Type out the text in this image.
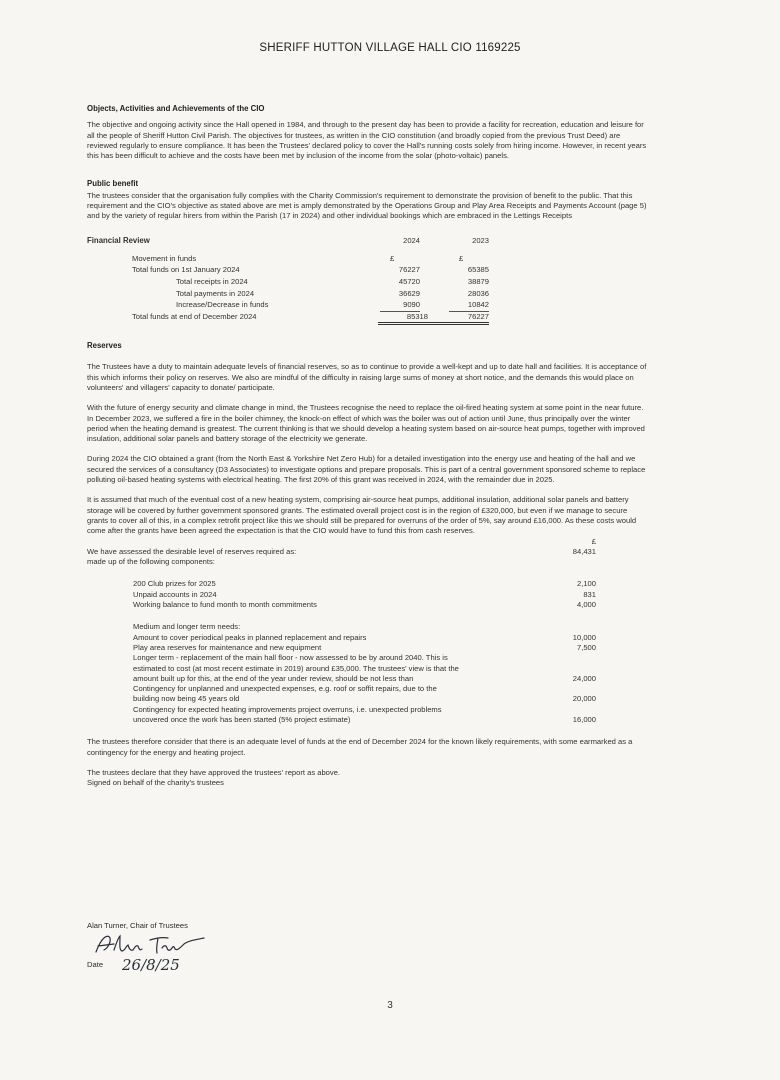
SHERIFF HUTTON VILLAGE HALL CIO 1169225
Objects, Activities and Achievements of the CIO

The objective and ongoing activity since the Hall opened in 1984, and through to the present day has been to provide a facility for recreation, education and leisure for all the people of Sheriff Hutton Civil Parish. The objectives for trustees, as written in the CIO constitution (and broadly copied from the previous Trust Deed) are reviewed regularly to ensure compliance. It has been the Trustees' declared policy to cover the Hall's running costs solely from hiring income. However, in recent years this has been difficult to achieve and the costs have been met by inclusion of the income from the solar (photo-voltaic) panels.

Public benefit

The trustees consider that the organisation fully complies with the Charity Commission's requirement to demonstrate the provision of benefit to the public. That this requirement and the CIO's objective as stated above are met is amply demonstrated by the Operations Group and Play Area Receipts and Payments Account (page 5) and by the variety of regular hirers from within the Parish (17 in 2024) and other individual bookings which are embraced in the Lettings Receipts

Financial Review	2024	2023
Movement in funds	£	£
Total funds on 1st January 2024	76227	65385
Total receipts in 2024	45720	38879
Total payments in 2024	36629	28036
Increase/Decrease in funds	9090	10842
Total funds at end of December 2024	85318	76227
Reserves

The Trustees have a duty to maintain adequate levels of financial reserves, so as to continue to provide a well-kept and up to date hall and facilities. It is acceptance of this which informs their policy on reserves. We also are mindful of the difficulty in raising large sums of money at short notice, and the demands this would place on volunteers' and villagers' capacity to donate/ participate.

With the future of energy security and climate change in mind, the Trustees recognise the need to replace the oil-fired heating system at some point in the near future. In December 2023, we suffered a fire in the boiler chimney, the knock-on effect of which was the boiler was out of action until June, thus principally over the winter period when the heating demand is greatest. The current thinking is that we should develop a heating system based on air-source heat pumps, together with improved insulation, additional solar panels and battery storage of the electricity we generate.

During 2024 the CIO obtained a grant (from the North East & Yorkshire Net Zero Hub) for a detailed investigation into the energy use and heating of the hall and we secured the services of a consultancy (D3 Associates) to investigate options and prepare proposals. This is part of a central government sponsored scheme to replace polluting oil-based heating systems with electrical heating. The first 20% of this grant was received in 2024, with the remainder due in 2025.

It is assumed that much of the eventual cost of a new heating system, comprising air-source heat pumps, additional insulation, additional solar panels and battery storage will be covered by further government sponsored grants. The estimated overall project cost is in the region of £320,000, but even if we manage to secure grants to cover all of this, in a complex retrofit project like this we should still be prepared for overruns of the order of 5%, say around £16,000. As these costs would come after the grants have been agreed the expectation is that the CIO would have to fund this from cash reserves.

£
We have assessed the desirable level of reserves required as:	84,431
made up of the following components:
200 Club prizes for 2025	2,100
Unpaid accounts in 2024	831
Working balance to fund month to month commitments	4,000
Medium and longer term needs:
Amount to cover periodical peaks in planned replacement and repairs	10,000
Play area reserves for maintenance and new equipment	7,500
Longer term - replacement of the main hall floor - now assessed to be by around 2040. This is estimated to cost (at most recent estimate in 2019) around £35,000. The trustees' view is that the amount built up for this, at the end of the year under review, should be not less than	24,000
Contingency for unplanned and unexpected expenses, e.g. roof or soffit repairs, due to the building now being 45 years old	20,000
Contingency for expected heating improvements project overruns, i.e. unexpected problems uncovered once the work has been started (5% project estimate)	16,000

The trustees therefore consider that there is an adequate level of funds at the end of December 2024 for the known likely requirements, with some earmarked as a contingency for the energy and heating project.

The trustees declare that they have approved the trustees' report as above.

Signed on behalf of the charity's trustees

Alan Turner, Chair of Trustees
Date 26/8/25
3
